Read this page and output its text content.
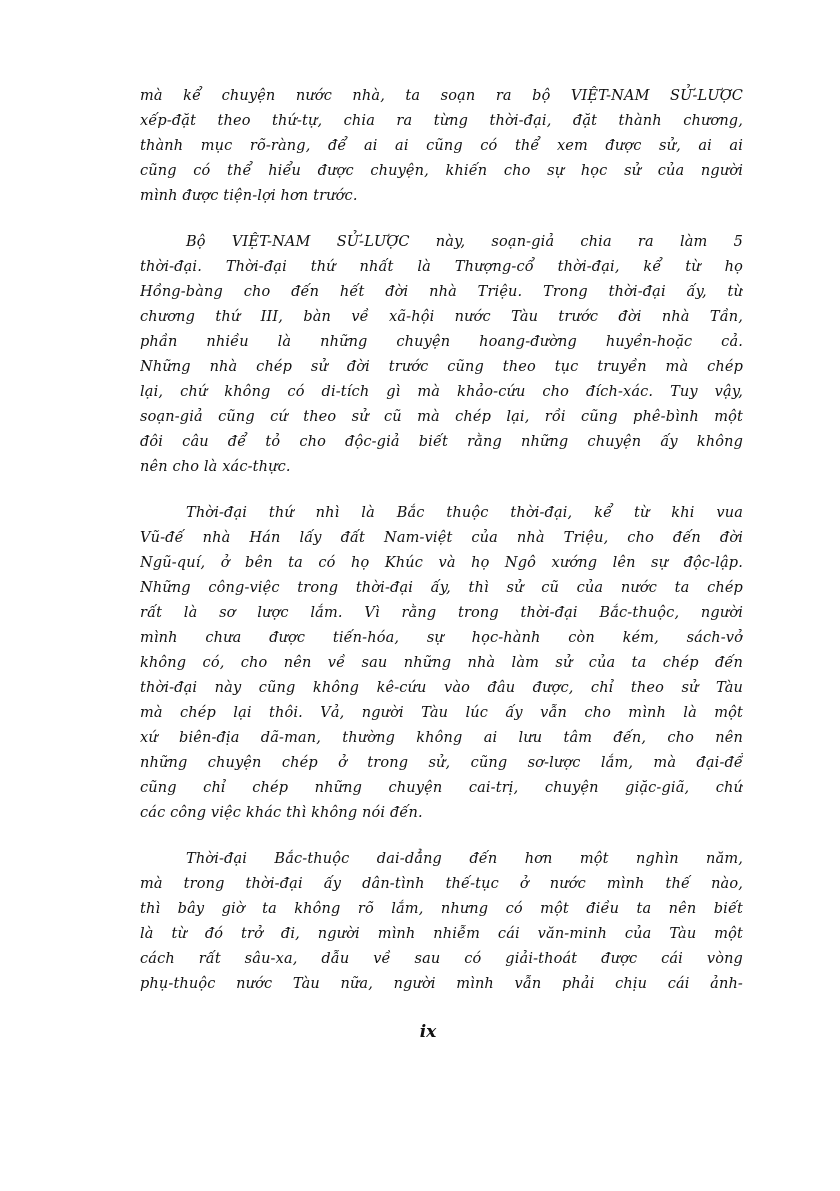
mà kể chuyện nước nhà, ta soạn ra bộ VIỆT-NAM SỬ-LƯỢC
xếp-đặt theo thứ-tự, chia ra từng thời-đại, đặt thành chương,
thành mục rõ-ràng, để ai ai cũng có thể xem được sử, ai ai
cũng có thể hiểu được chuyện, khiến cho sự học sử của người
mình được tiện-lợi hơn trước.
Bộ VIỆT-NAM SỬ-LƯỢC này, soạn-giả chia ra làm 5
thời-đại. Thời-đại thứ nhất là Thượng-cổ thời-đại, kể từ họ
Hồng-bàng cho đến hết đời nhà Triệu. Trong thời-đại ấy, từ
chương thứ III, bàn về xã-hội nước Tàu trước đời nhà Tần,
phần nhiều là những chuyện hoang-đường huyền-hoặc cả.
Những nhà chép sử đời trước cũng theo tục truyền mà chép
lại, chứ không có di-tích gì mà khảo-cứu cho đích-xác. Tuy vậy,
soạn-giả cũng cứ theo sử cũ mà chép lại, rồi cũng phê-bình một
đôi câu để tỏ cho độc-giả biết rằng những chuyện ấy không
nên cho là xác-thực.
Thời-đại thứ nhì là Bắc thuộc thời-đại, kể từ khi vua
Vũ-đế nhà Hán lấy đất Nam-việt của nhà Triệu, cho đến đời
Ngũ-quí, ở bên ta có họ Khúc và họ Ngô xướng lên sự độc-lập.
Những công-việc trong thời-đại ấy, thì sử cũ của nước ta chép
rất là sơ lược lắm. Vì rằng trong thời-đại Bắc-thuộc, người
mình chưa được tiến-hóa, sự học-hành còn kém, sách-vở
không có, cho nên về sau những nhà làm sử của ta chép đến
thời-đại này cũng không kê-cứu vào đâu được, chỉ theo sử Tàu
mà chép lại thôi. Vả, người Tàu lúc ấy vẫn cho mình là một
xứ biên-địa dã-man, thường không ai lưu tâm đến, cho nên
những chuyện chép ở trong sử, cũng sơ-lược lắm, mà đại-để
cũng chỉ chép những chuyện cai-trị, chuyện giặc-giã, chứ
các công việc khác thì không nói đến.
Thời-đại Bắc-thuộc dai-dẳng đến hơn một nghìn năm,
mà trong thời-đại ấy dân-tình thế-tục ở nước mình thế nào,
thì bây giờ ta không rõ lắm, nhưng có một điều ta nên biết
là từ đó trở đi, người mình nhiễm cái văn-minh của Tàu một
cách rất sâu-xa, dẫu về sau có giải-thoát được cái vòng
phụ-thuộc nước Tàu nữa, người mình vẫn phải chịu cái ảnh-
ix
